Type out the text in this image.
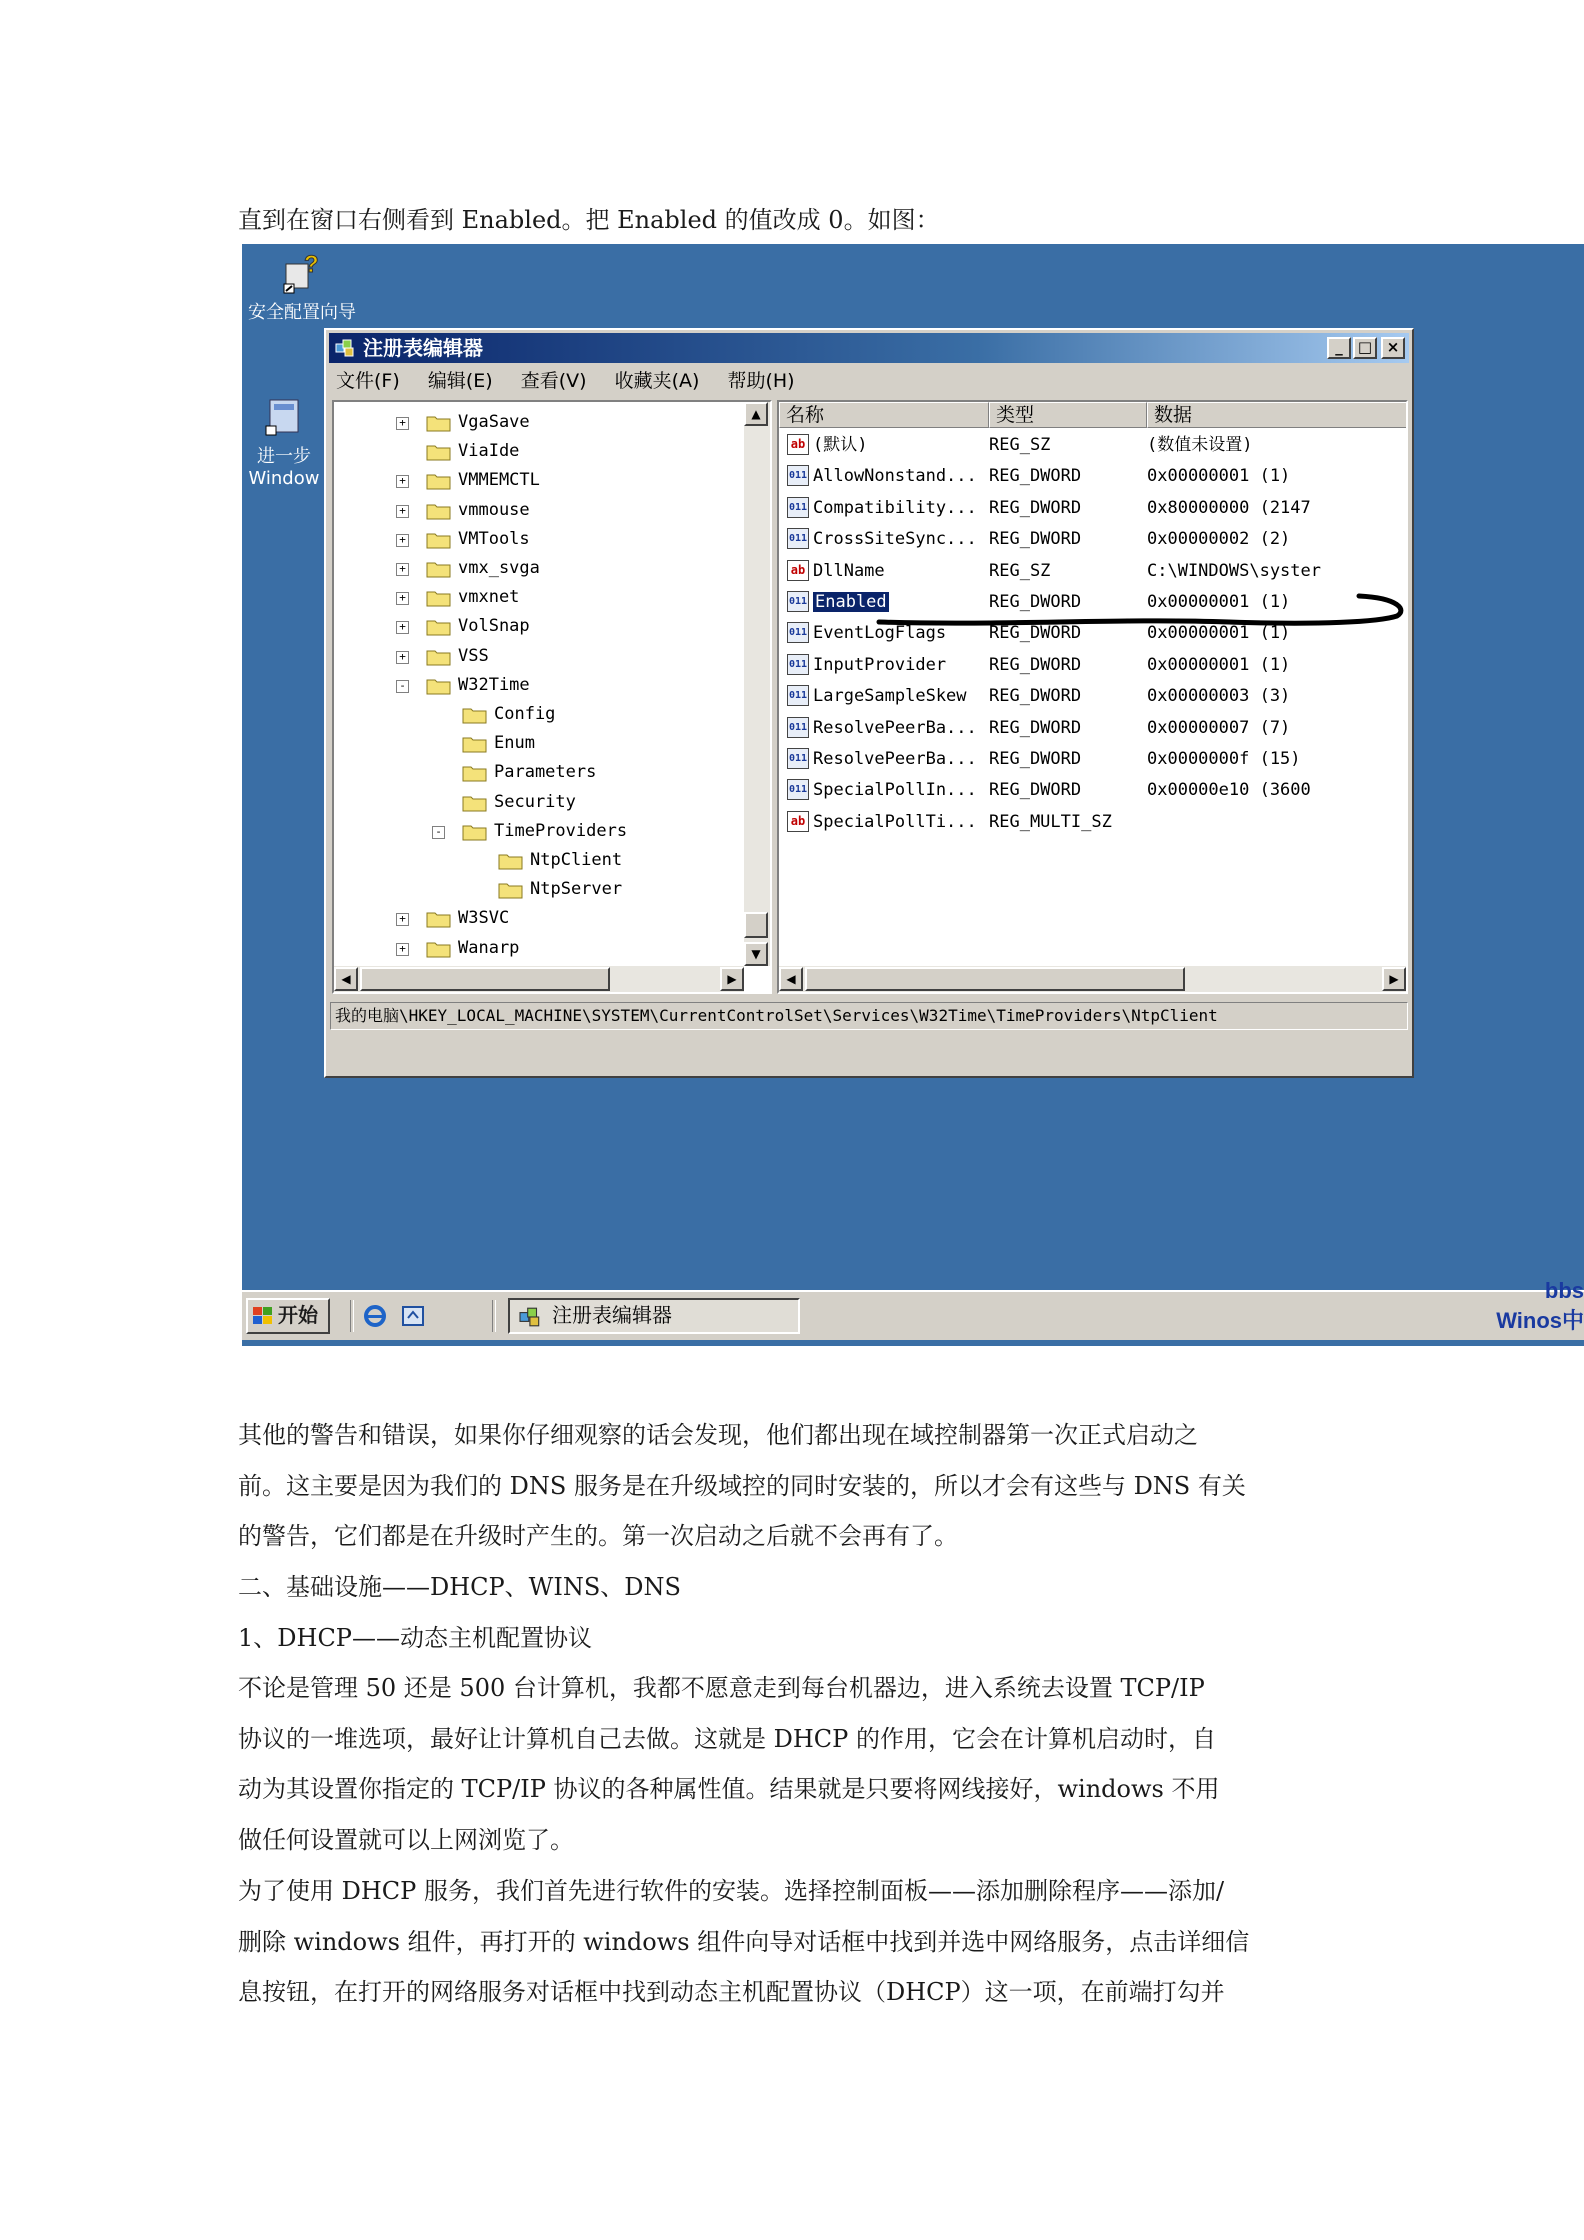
直到在窗口右侧看到 Enabled。把 Enabled 的值改成 0。如图：

?
安全配置向导
进一步
Window
注册表编辑器	_	□ ×
文件(F) 编辑(E) 查看(V) 收藏夹(A) 帮助(H)
+	VgaSave
ViaIde
+	VMMEMCTL
+	vmmouse
+	VMTools
+	vmx_svga
+	vmxnet
+	VolSnap
+	VSS
-	W32Time
Config
Enum
Parameters
Security
-	TimeProviders
NtpClient
NtpServer
+	W3SVC
+	Wanarp
▲
▼
◀	▶
名称	类型	数据
ab (默认)	REG_SZ	(数值未设置)
011 AllowNonstand... REG_DWORD	0x00000001 (1)
011 Compatibility... REG_DWORD	0x80000000 (2147
011 CrossSiteSync... REG_DWORD	0x00000002 (2)
ab DllName	REG_SZ	C:\WINDOWS\syster
011 Enabled	REG_DWORD	0x00000001 (1)
011 EventLogFlags	REG_DWORD	0x00000001 (1)
011 InputProvider	REG_DWORD	0x00000001 (1)
011 LargeSampleSkew	REG_DWORD	0x00000003 (3)
011 ResolvePeerBa... REG_DWORD	0x00000007 (7)
011 ResolvePeerBa... REG_DWORD	0x0000000f (15)
011 SpecialPollIn... REG_DWORD	0x00000e10 (3600
ab SpecialPollTi... REG_MULTI_SZ
◀	▶
我的电脑\HKEY_LOCAL_MACHINE\SYSTEM\CurrentControlSet\Services\W32Time\TimeProviders\NtpClient
开始	注册表编辑器
bbs
Winos中

其他的警告和错误，如果你仔细观察的话会发现，他们都出现在域控制器第一次正式启动之
前。这主要是因为我们的 DNS 服务是在升级域控的同时安装的，所以才会有这些与 DNS 有关
的警告，它们都是在升级时产生的。第一次启动之后就不会再有了。

二、基础设施——DHCP、WINS、DNS

1、DHCP——动态主机配置协议

不论是管理 50 还是 500 台计算机，我都不愿意走到每台机器边，进入系统去设置 TCP/IP
协议的一堆选项，最好让计算机自己去做。这就是 DHCP 的作用，它会在计算机启动时，自
动为其设置你指定的 TCP/IP 协议的各种属性值。结果就是只要将网线接好，windows 不用
做任何设置就可以上网浏览了。

为了使用 DHCP 服务，我们首先进行软件的安装。选择控制面板——添加删除程序——添加/
删除 windows 组件，再打开的 windows 组件向导对话框中找到并选中网络服务，点击详细信
息按钮，在打开的网络服务对话框中找到动态主机配置协议（DHCP）这一项，在前端打勾并
